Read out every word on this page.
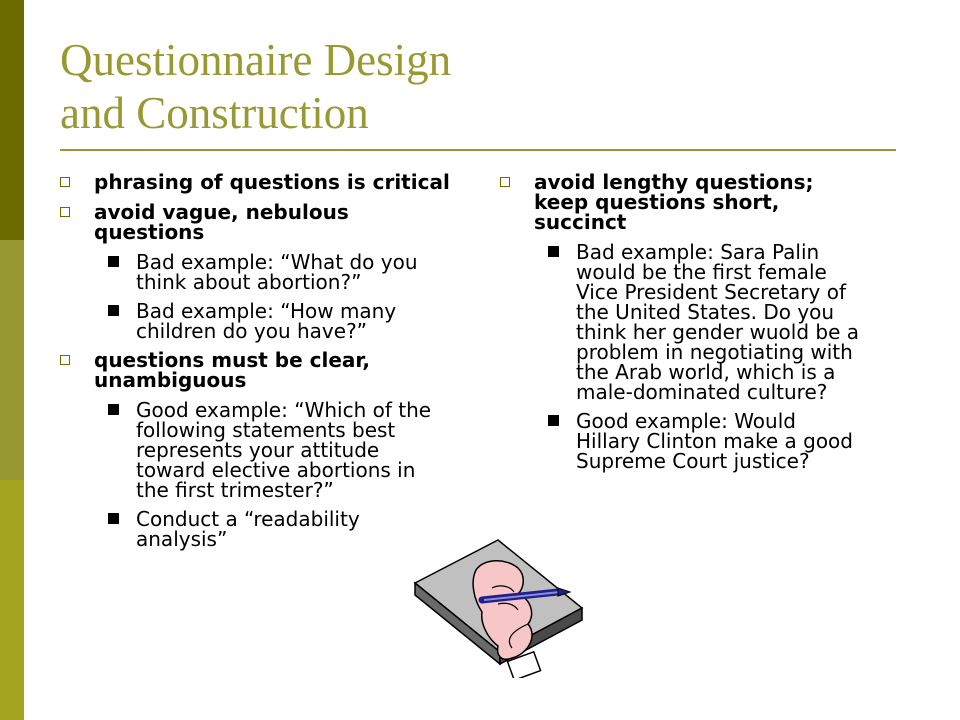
Questionnaire Design
and Construction
phrasing of questions is critical
avoid vague, nebulous questions
Bad example: “What do you think about abortion?”
Bad example: “How many children do you have?”
questions must be clear, unambiguous
Good example: “Which of the following statements best represents your attitude toward elective abortions in the first trimester?”
Conduct a “readability analysis”
avoid lengthy questions; keep questions short, succinct
Bad example: Sara Palin would be the first female Vice President Secretary of the United States. Do you think her gender wuold be a problem in negotiating with the Arab world, which is a male-dominated culture?
Good example: Would Hillary Clinton make a good Supreme Court justice?
